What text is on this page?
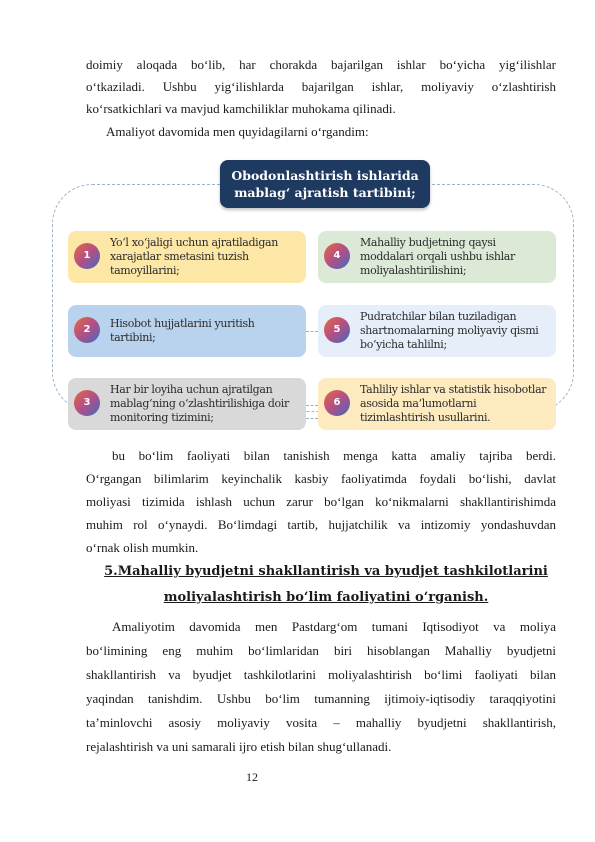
doimiy aloqada bo‘lib, har chorakda bajarilgan ishlar bo‘yicha yig‘ilishlar

o‘tkaziladi. Ushbu yig‘ilishlarda bajarilgan ishlar, moliyaviy o‘zlashtirish

ko‘rsatkichlari va mavjud kamchiliklar muhokama qilinadi.

Amaliyot davomida men quyidagilarni o‘rgandim:

Obodonlashtirish ishlarida mablag‘ ajratish tartibini;
1
Yo‘l xo‘jaligi uchun ajratiladigan xarajatlar smetasini tuzish tamoyillarini;
2	Hisobot hujjatlarini yuritish tartibini;
3
Har bir loyiha uchun ajratilgan mablag‘ning o‘zlashtirilishiga doir monitoring tizimini;
4
Mahalliy budjetning qaysi moddalari orqali ushbu ishlar moliyalashtirilishini;
5
Pudratchilar bilan tuziladigan shartnomalarning moliyaviy qismi bo‘yicha tahlilni;
6
Tahliliy ishlar va statistik hisobotlar asosida ma’lumotlarni tizimlashtirish usullarini.

bu bo‘lim faoliyati bilan tanishish menga katta amaliy tajriba berdi.

O‘rgangan bilimlarim keyinchalik kasbiy faoliyatimda foydali bo‘lishi, davlat

moliyasi tizimida ishlash uchun zarur bo‘lgan ko‘nikmalarni shakllantirishimda

muhim rol o‘ynaydi. Bo‘limdagi tartib, hujjatchilik va intizomiy yondashuvdan

o‘rnak olish mumkin.

5.Mahalliy byudjetni shakllantirish va byudjet tashkilotlarini

moliyalashtirish bo‘lim faoliyatini o‘rganish.

Amaliyotim davomida men Pastdarg‘om tumani Iqtisodiyot va moliya

bo‘limining eng muhim bo‘limlaridan biri hisoblangan Mahalliy byudjetni

shakllantirish va byudjet tashkilotlarini moliyalashtirish bo‘limi faoliyati bilan

yaqindan tanishdim. Ushbu bo‘lim tumanning ijtimoiy-iqtisodiy taraqqiyotini

ta’minlovchi asosiy moliyaviy vosita – mahalliy byudjetni shakllantirish,

rejalashtirish va uni samarali ijro etish bilan shug‘ullanadi.

12
